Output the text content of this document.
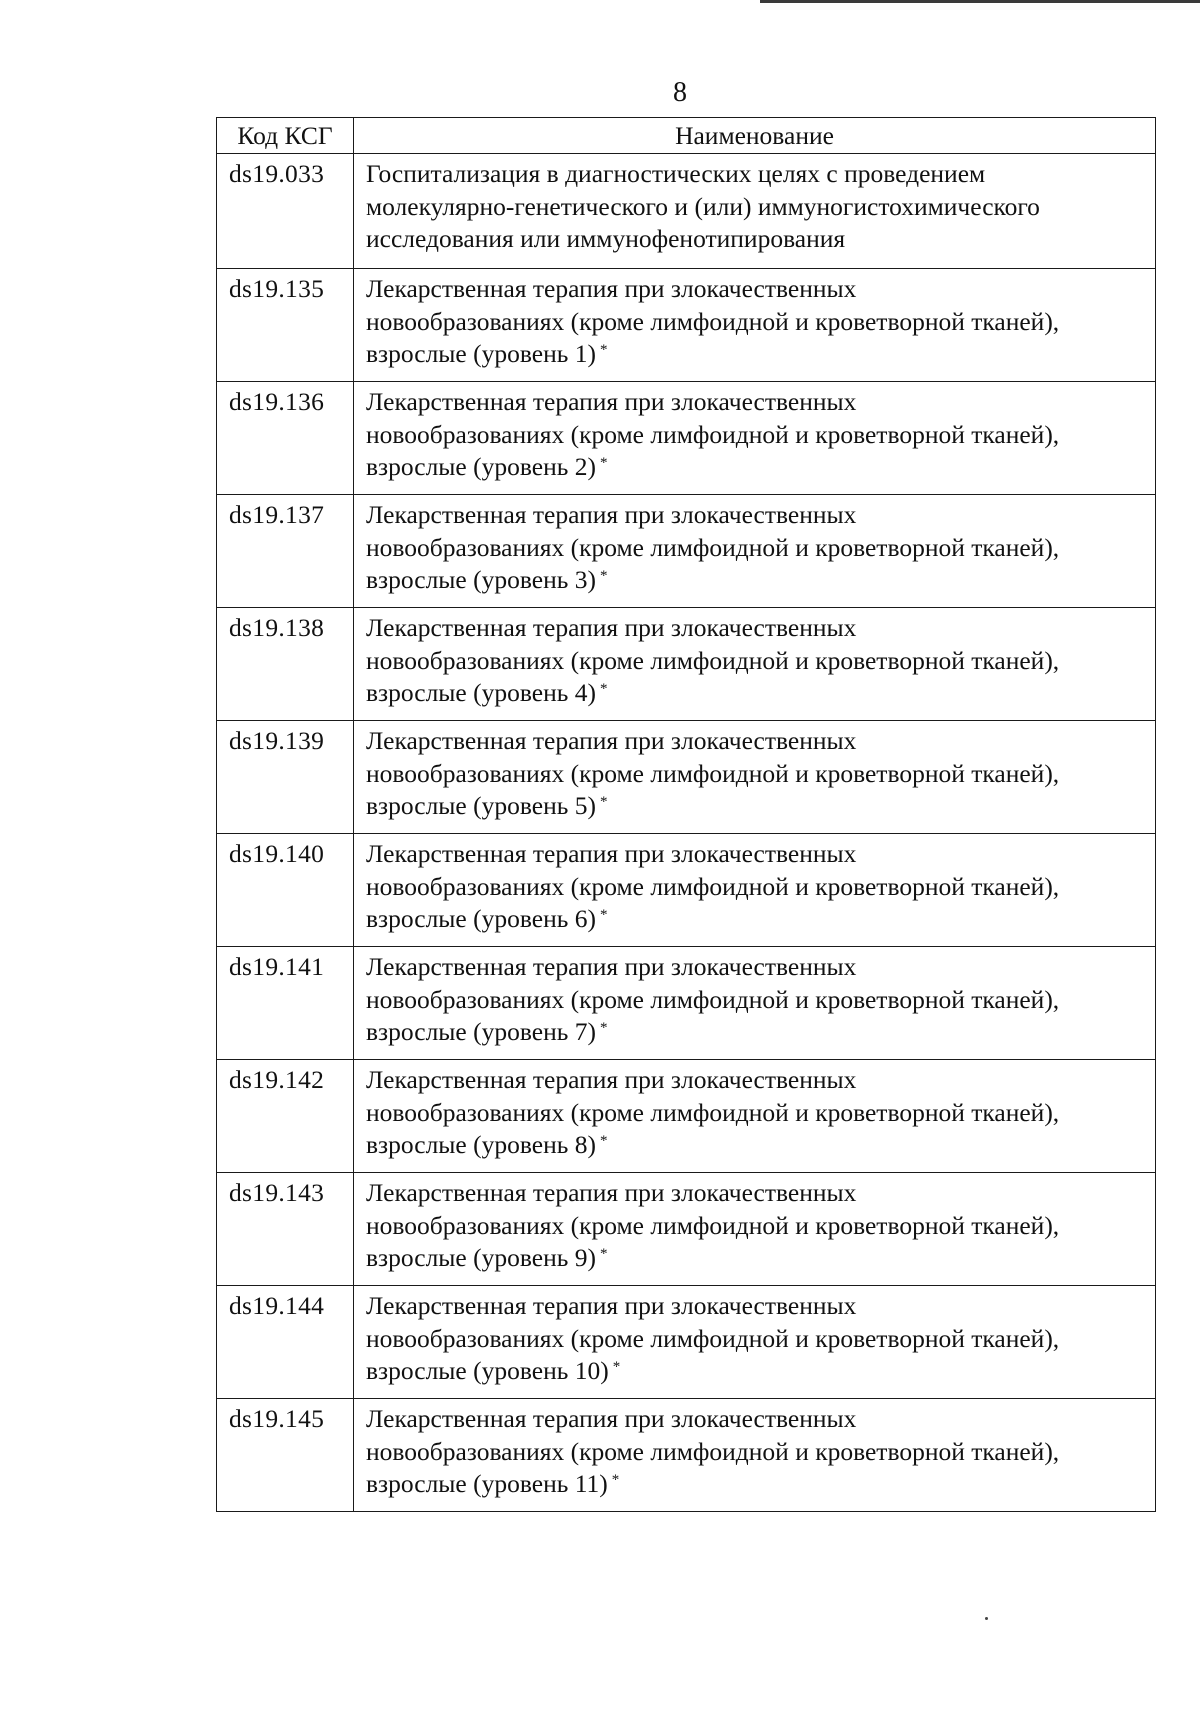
8
Код КСГ	Наименование
ds19.033	Госпитализация в диагностических целях с проведением
молекулярно-генетического и (или) иммуногистохимического
исследования или иммунофенотипирования

ds19.135	Лекарственная терапия при злокачественных
новообразованиях (кроме лимфоидной и кроветворной тканей),
взрослые (уровень 1) *

ds19.136	Лекарственная терапия при злокачественных
новообразованиях (кроме лимфоидной и кроветворной тканей),
взрослые (уровень 2) *

ds19.137	Лекарственная терапия при злокачественных
новообразованиях (кроме лимфоидной и кроветворной тканей),
взрослые (уровень 3) *

ds19.138	Лекарственная терапия при злокачественных
новообразованиях (кроме лимфоидной и кроветворной тканей),
взрослые (уровень 4) *

ds19.139	Лекарственная терапия при злокачественных
новообразованиях (кроме лимфоидной и кроветворной тканей),
взрослые (уровень 5) *

ds19.140	Лекарственная терапия при злокачественных
новообразованиях (кроме лимфоидной и кроветворной тканей),
взрослые (уровень 6) *

ds19.141	Лекарственная терапия при злокачественных
новообразованиях (кроме лимфоидной и кроветворной тканей),
взрослые (уровень 7) *

ds19.142	Лекарственная терапия при злокачественных
новообразованиях (кроме лимфоидной и кроветворной тканей),
взрослые (уровень 8) *

ds19.143	Лекарственная терапия при злокачественных
новообразованиях (кроме лимфоидной и кроветворной тканей),
взрослые (уровень 9) *

ds19.144	Лекарственная терапия при злокачественных
новообразованиях (кроме лимфоидной и кроветворной тканей),
взрослые (уровень 10) *

ds19.145	Лекарственная терапия при злокачественных
новообразованиях (кроме лимфоидной и кроветворной тканей),
взрослые (уровень 11) *
